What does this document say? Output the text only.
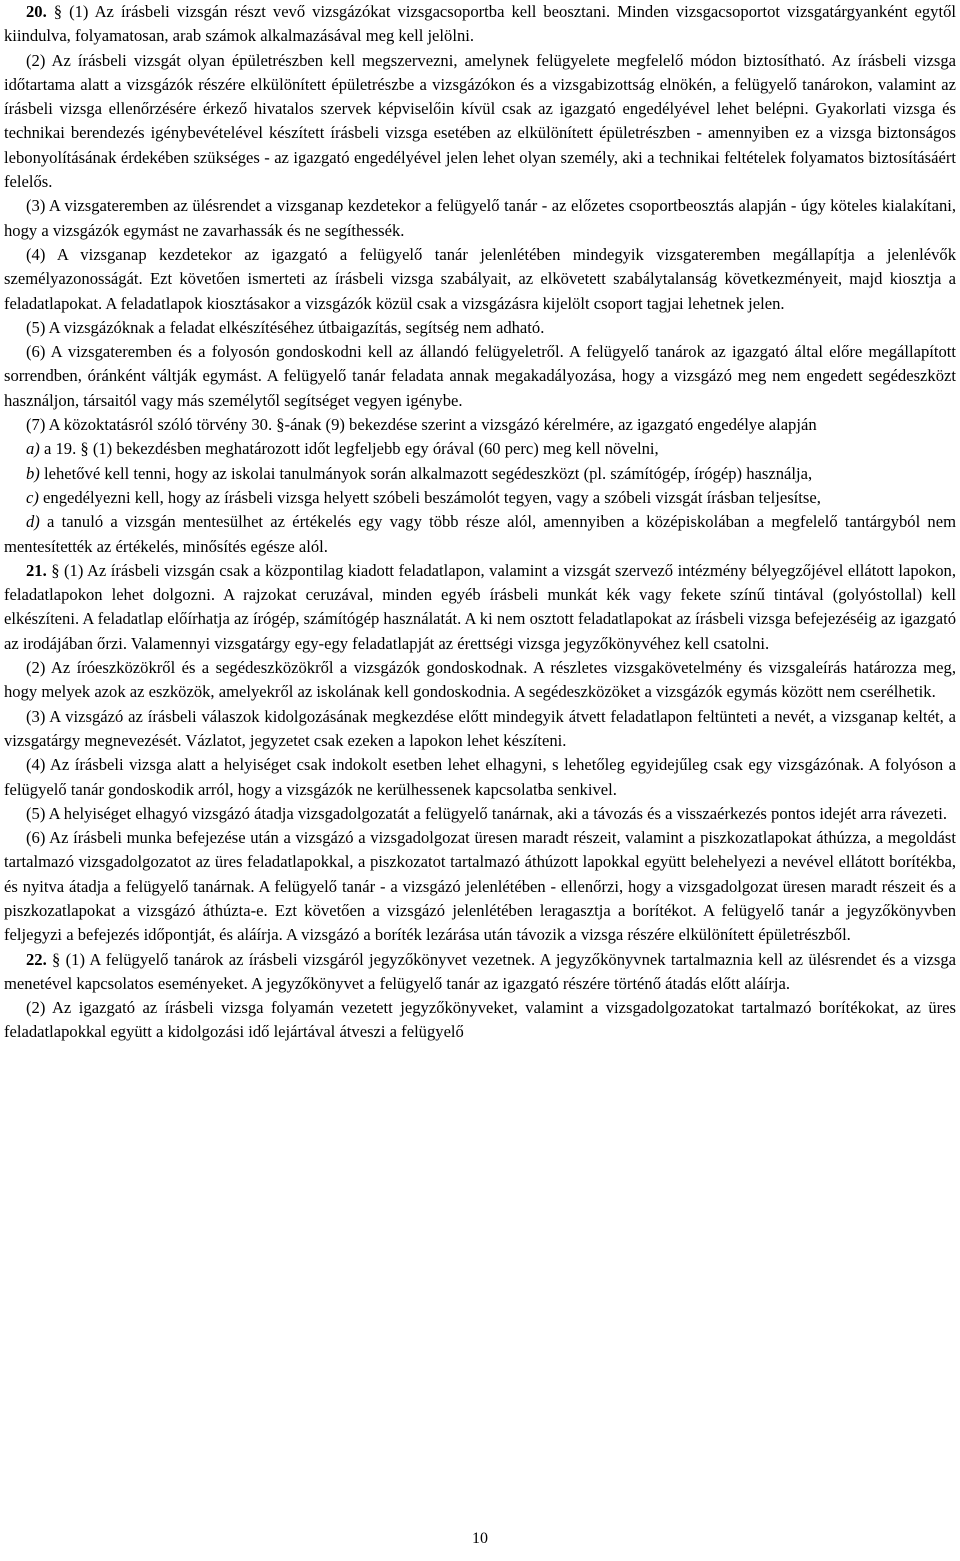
20. § (1) Az írásbeli vizsgán részt vevő vizsgázókat vizsgacsoportba kell beosztani. Minden vizsgacsoportot vizsgatárgyanként egytől kiindulva, folyamatosan, arab számok alkalmazásával meg kell jelölni.

(2) Az írásbeli vizsgát olyan épületrészben kell megszervezni, amelynek felügyelete megfelelő módon biztosítható. Az írásbeli vizsga időtartama alatt a vizsgázók részére elkülönített épületrészbe a vizsgázókon és a vizsgabizottság elnökén, a felügyelő tanárokon, valamint az írásbeli vizsga ellenőrzésére érkező hivatalos szervek képviselőin kívül csak az igazgató engedélyével lehet belépni. Gyakorlati vizsga és technikai berendezés igénybevételével készített írásbeli vizsga esetében az elkülönített épületrészben - amennyiben ez a vizsga biztonságos lebonyolításának érdekében szükséges - az igazgató engedélyével jelen lehet olyan személy, aki a technikai feltételek folyamatos biztosításáért felelős.

(3) A vizsgateremben az ülésrendet a vizsganap kezdetekor a felügyelő tanár - az előzetes csoportbeosztás alapján - úgy köteles kialakítani, hogy a vizsgázók egymást ne zavarhassák és ne segíthessék.

(4) A vizsganap kezdetekor az igazgató a felügyelő tanár jelenlétében mindegyik vizsgateremben megállapítja a jelenlévők személyazonosságát. Ezt követően ismerteti az írásbeli vizsga szabályait, az elkövetett szabálytalanság következményeit, majd kiosztja a feladatlapokat. A feladatlapok kiosztásakor a vizsgázók közül csak a vizsgázásra kijelölt csoport tagjai lehetnek jelen.

(5) A vizsgázóknak a feladat elkészítéséhez útbaigazítás, segítség nem adható.

(6) A vizsgateremben és a folyosón gondoskodni kell az állandó felügyeletről. A felügyelő tanárok az igazgató által előre megállapított sorrendben, óránként váltják egymást. A felügyelő tanár feladata annak megakadályozása, hogy a vizsgázó meg nem engedett segédeszközt használjon, társaitól vagy más személytől segítséget vegyen igénybe.

(7) A közoktatásról szóló törvény 30. §-ának (9) bekezdése szerint a vizsgázó kérelmére, az igazgató engedélye alapján

a) a 19. § (1) bekezdésben meghatározott időt legfeljebb egy órával (60 perc) meg kell növelni,

b) lehetővé kell tenni, hogy az iskolai tanulmányok során alkalmazott segédeszközt (pl. számítógép, írógép) használja,

c) engedélyezni kell, hogy az írásbeli vizsga helyett szóbeli beszámolót tegyen, vagy a szóbeli vizsgát írásban teljesítse,

d) a tanuló a vizsgán mentesülhet az értékelés egy vagy több része alól, amennyiben a középiskolában a megfelelő tantárgyból nem mentesítették az értékelés, minősítés egésze alól.

21. § (1) Az írásbeli vizsgán csak a központilag kiadott feladatlapon, valamint a vizsgát szervező intézmény bélyegzőjével ellátott lapokon, feladatlapokon lehet dolgozni. A rajzokat ceruzával, minden egyéb írásbeli munkát kék vagy fekete színű tintával (golyóstollal) kell elkészíteni. A feladatlap előírhatja az írógép, számítógép használatát. A ki nem osztott feladatlapokat az írásbeli vizsga befejezéséig az igazgató az irodájában őrzi. Valamennyi vizsgatárgy egy-egy feladatlapját az érettségi vizsga jegyzőkönyvéhez kell csatolni.

(2) Az íróeszközökről és a segédeszközökről a vizsgázók gondoskodnak. A részletes vizsgakövetelmény és vizsgaleírás határozza meg, hogy melyek azok az eszközök, amelyekről az iskolának kell gondoskodnia. A segédeszközöket a vizsgázók egymás között nem cserélhetik.

(3) A vizsgázó az írásbeli válaszok kidolgozásának megkezdése előtt mindegyik átvett feladatlapon feltünteti a nevét, a vizsganap keltét, a vizsgatárgy megnevezését. Vázlatot, jegyzetet csak ezeken a lapokon lehet készíteni.

(4) Az írásbeli vizsga alatt a helyiséget csak indokolt esetben lehet elhagyni, s lehetőleg egyidejűleg csak egy vizsgázónak. A folyóson a felügyelő tanár gondoskodik arról, hogy a vizsgázók ne kerülhessenek kapcsolatba senkivel.

(5) A helyiséget elhagyó vizsgázó átadja vizsgadolgozatát a felügyelő tanárnak, aki a távozás és a visszaérkezés pontos idejét arra rávezeti.

(6) Az írásbeli munka befejezése után a vizsgázó a vizsgadolgozat üresen maradt részeit, valamint a piszkozatlapokat áthúzza, a megoldást tartalmazó vizsgadolgozatot az üres feladatlapokkal, a piszkozatot tartalmazó áthúzott lapokkal együtt belehelyezi a nevével ellátott borítékba, és nyitva átadja a felügyelő tanárnak. A felügyelő tanár - a vizsgázó jelenlétében - ellenőrzi, hogy a vizsgadolgozat üresen maradt részeit és a piszkozatlapokat a vizsgázó áthúzta-e. Ezt követően a vizsgázó jelenlétében leragasztja a borítékot. A felügyelő tanár a jegyzőkönyvben feljegyzi a befejezés időpontját, és aláírja. A vizsgázó a boríték lezárása után távozik a vizsga részére elkülönített épületrészből.

22. § (1) A felügyelő tanárok az írásbeli vizsgáról jegyzőkönyvet vezetnek. A jegyzőkönyvnek tartalmaznia kell az ülésrendet és a vizsga menetével kapcsolatos eseményeket. A jegyzőkönyvet a felügyelő tanár az igazgató részére történő átadás előtt aláírja.

(2) Az igazgató az írásbeli vizsga folyamán vezetett jegyzőkönyveket, valamint a vizsgadolgozatokat tartalmazó borítékokat, az üres feladatlapokkal együtt a kidolgozási idő lejártával átveszi a felügyelő

10
